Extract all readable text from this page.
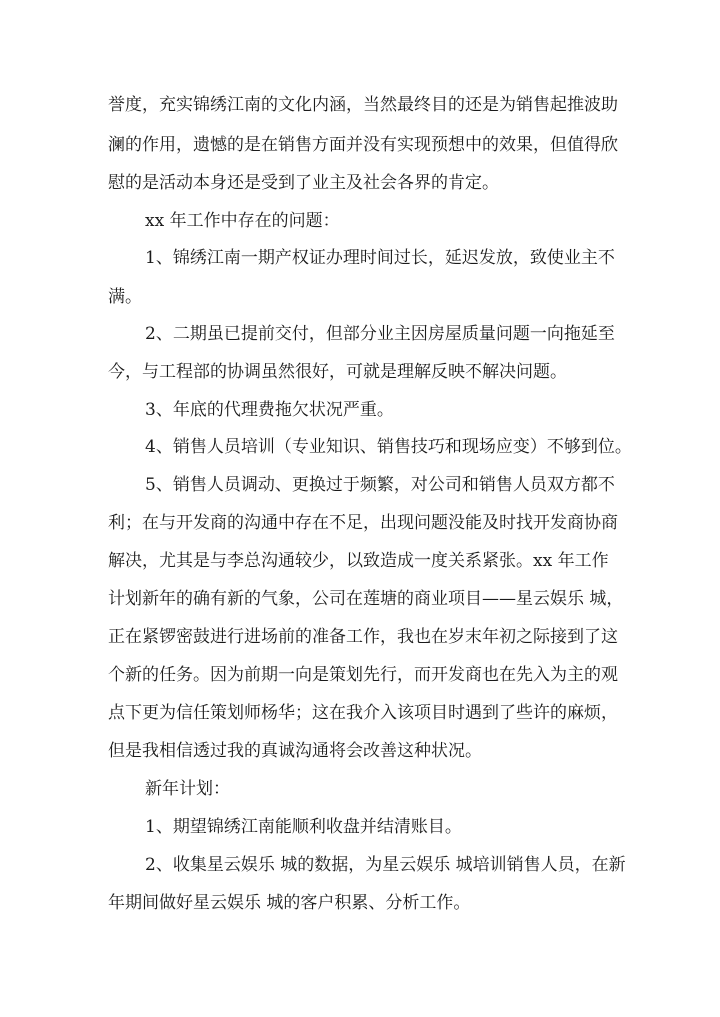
誉度，充实锦绣江南的文化内涵，当然最终目的还是为销售起推波助
澜的作用，遗憾的是在销售方面并没有实现预想中的效果，但值得欣
慰的是活动本身还是受到了业主及社会各界的肯定。
xx 年工作中存在的问题：
1、锦绣江南一期产权证办理时间过长，延迟发放，致使业主不
满。
2、二期虽已提前交付，但部分业主因房屋质量问题一向拖延至
今，与工程部的协调虽然很好，可就是理解反映不解决问题。
3、年底的代理费拖欠状况严重。
4、销售人员培训（专业知识、销售技巧和现场应变）不够到位。
5、销售人员调动、更换过于频繁，对公司和销售人员双方都不
利；在与开发商的沟通中存在不足，出现问题没能及时找开发商协商
解决，尤其是与李总沟通较少，以致造成一度关系紧张。xx 年工作
计划新年的确有新的气象，公司在莲塘的商业项目——星云娱乐 城，
正在紧锣密鼓进行进场前的准备工作，我也在岁末年初之际接到了这
个新的任务。因为前期一向是策划先行，而开发商也在先入为主的观
点下更为信任策划师杨华；这在我介入该项目时遇到了些许的麻烦，
但是我相信透过我的真诚沟通将会改善这种状况。
新年计划：
1、期望锦绣江南能顺利收盘并结清账目。
2、收集星云娱乐 城的数据，为星云娱乐 城培训销售人员，在新
年期间做好星云娱乐 城的客户积累、分析工作。
